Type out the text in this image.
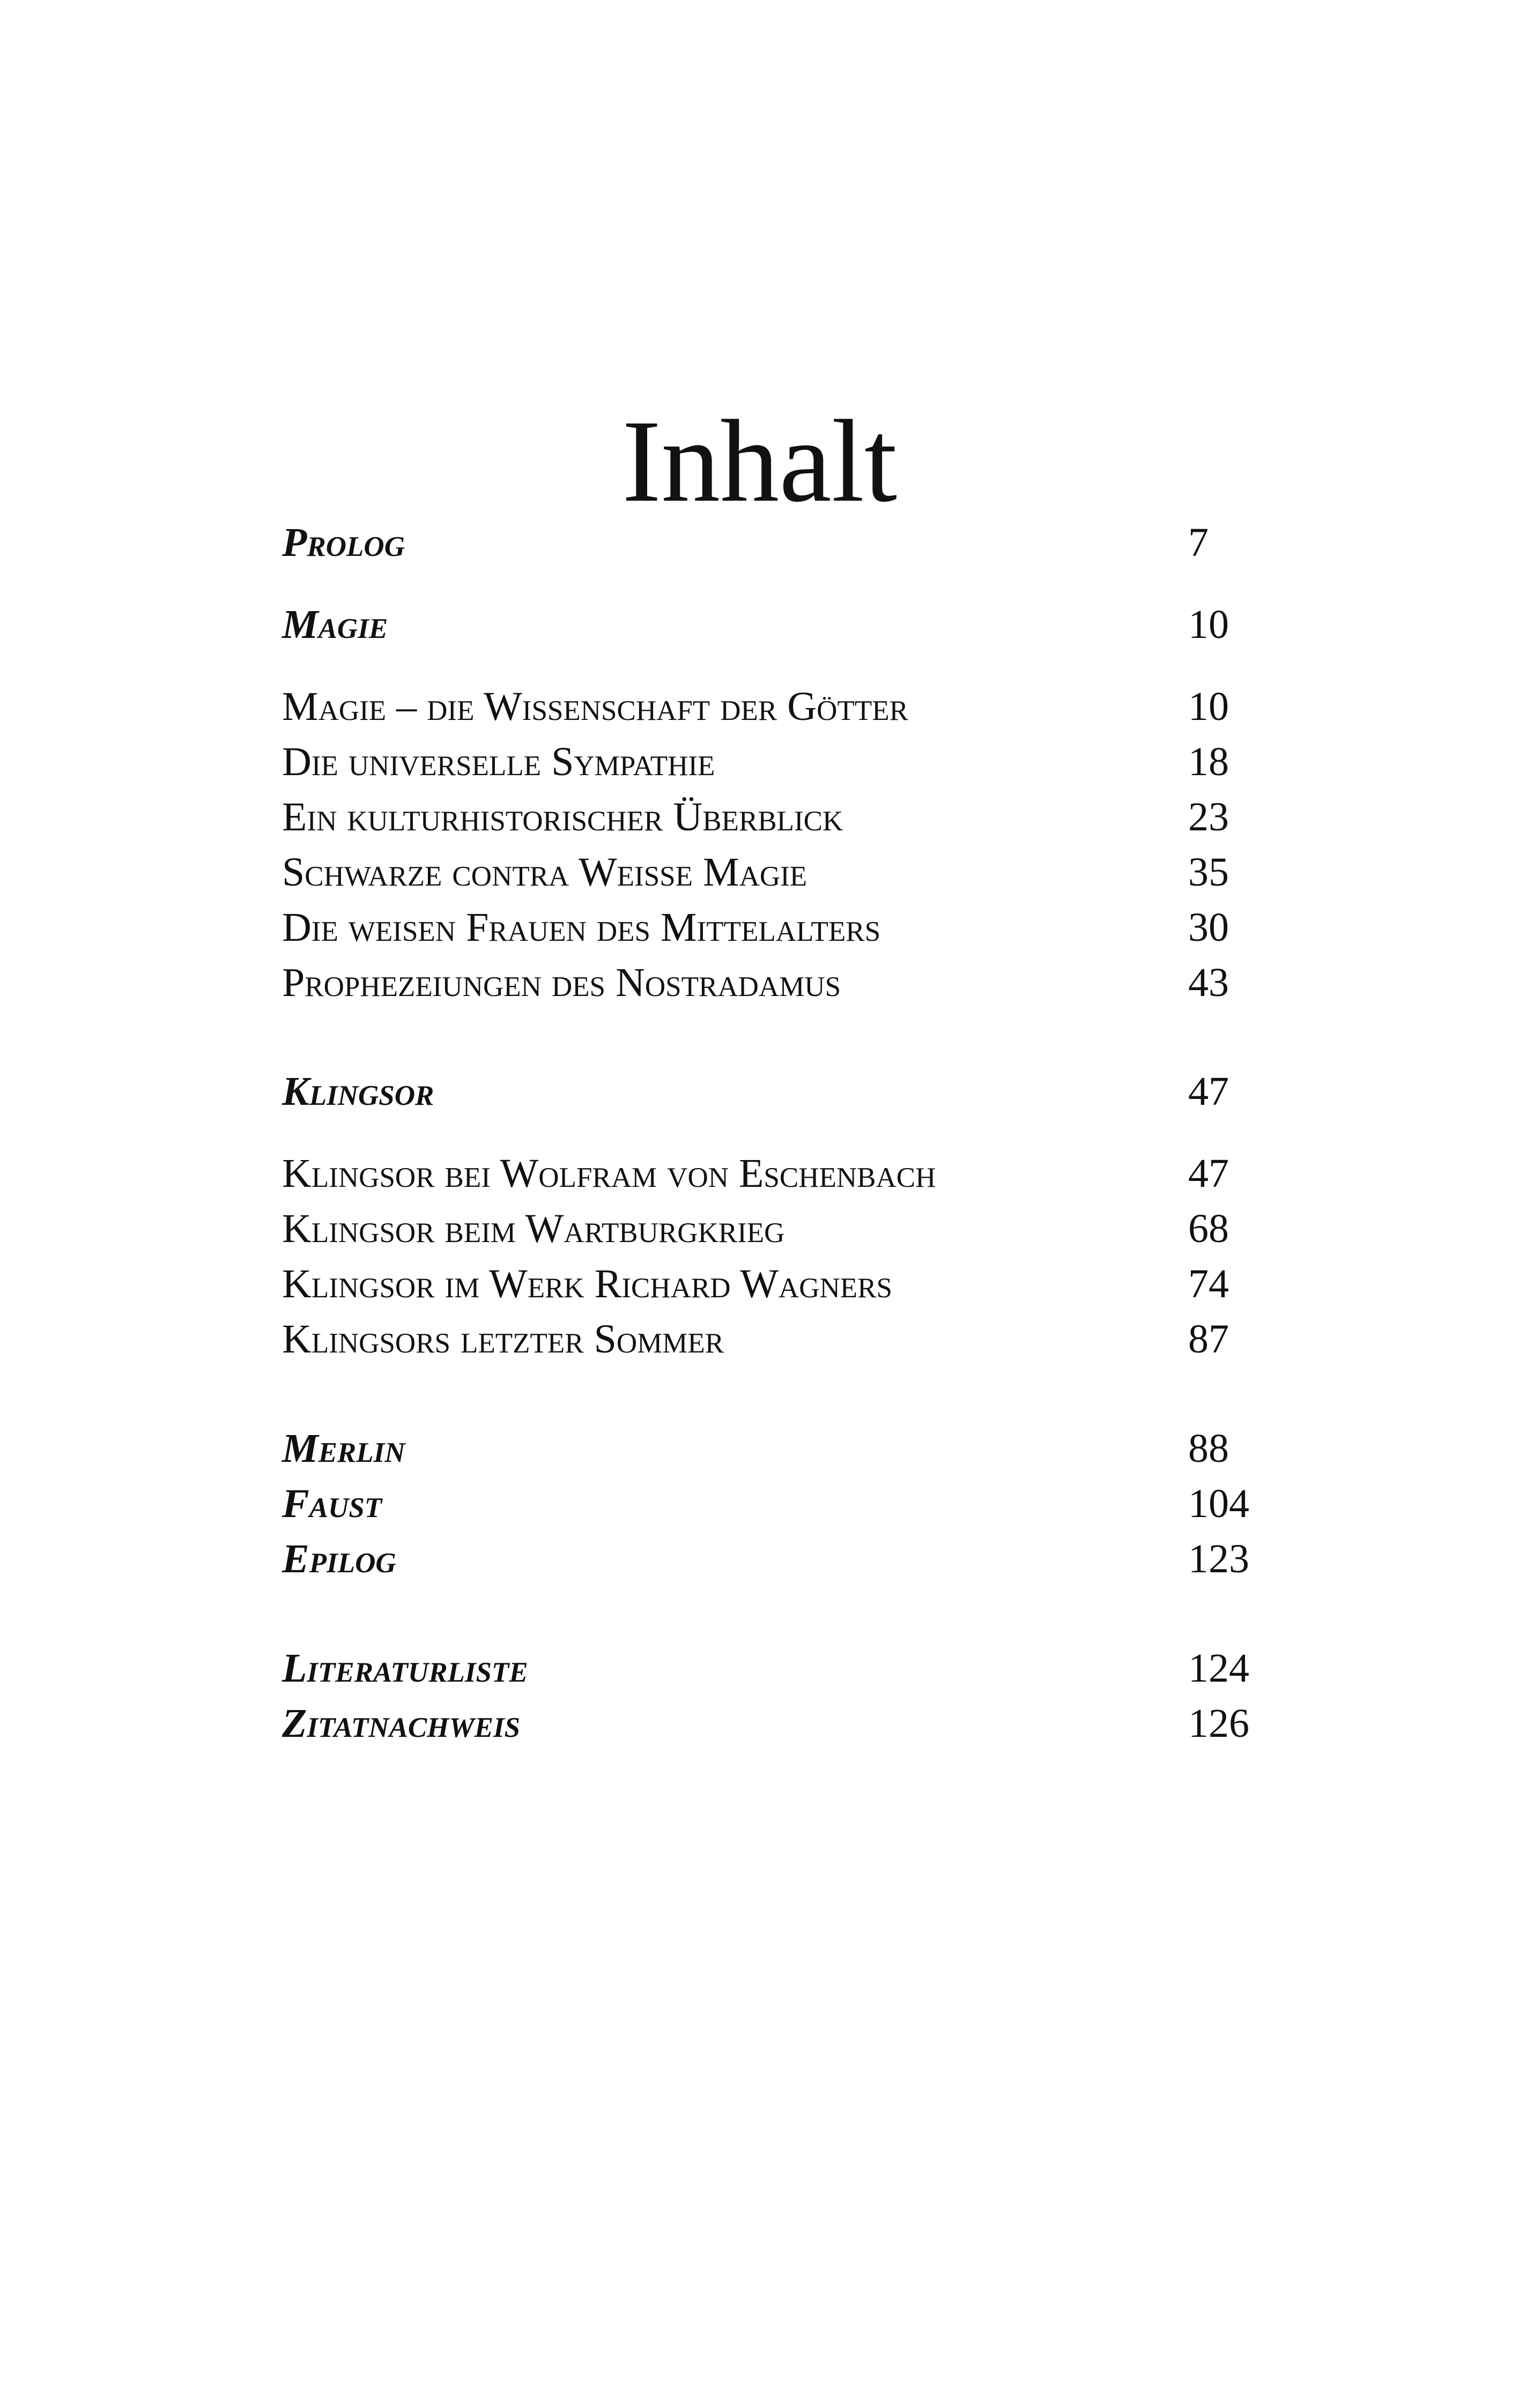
Inhalt
Prolog	7
Magie	10
Magie – die Wissenschaft der Götter	10
Die universelle Sympathie	18
Ein kulturhistorischer Überblick	23
Schwarze contra Weisse Magie	35
Die weisen Frauen des Mittelalters	30
Prophezeiungen des Nostradamus	43
Klingsor	47
Klingsor bei Wolfram von Eschenbach	47
Klingsor beim Wartburgkrieg	68
Klingsor im Werk Richard Wagners	74
Klingsors letzter Sommer	87
Merlin	88
Faust	104
Epilog	123
Literaturliste	124
Zitatnachweis	126
